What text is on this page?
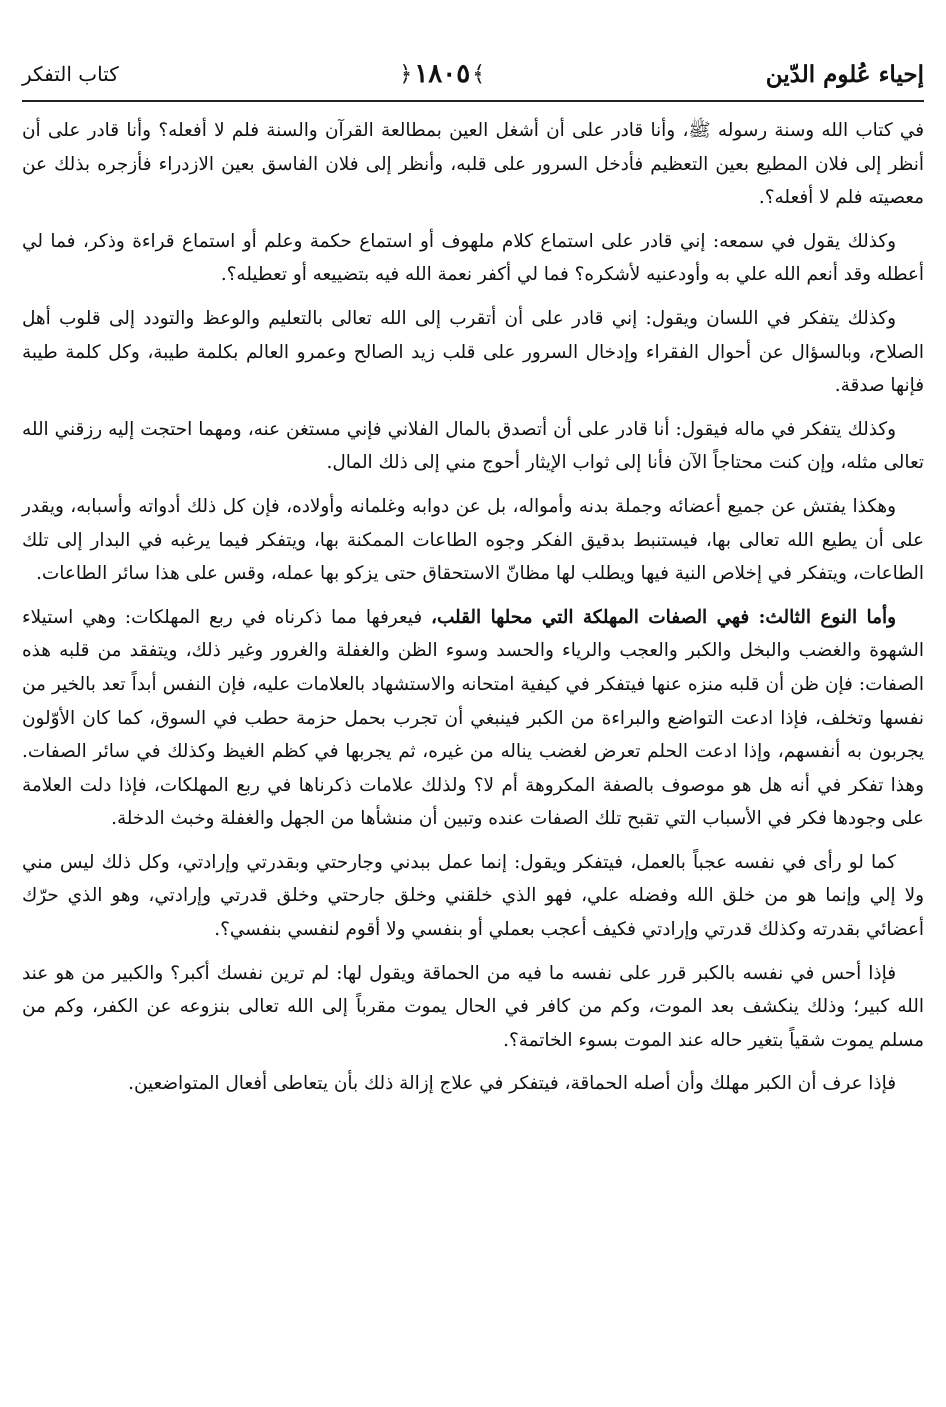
كتاب التفكر	﴾
١٨٠٥
﴿	إحياء عُلوم الدّين

في كتاب الله وسنة رسوله ﷺ، وأنا قادر على أن أشغل العين بمطالعة القرآن والسنة فلم لا أفعله؟ وأنا قادر على أن أنظر إلى فلان المطيع بعين التعظيم فأدخل السرور على قلبه، وأنظر إلى فلان الفاسق بعين الازدراء فأزجره بذلك عن معصيته فلم لا أفعله؟.

وكذلك يقول في سمعه: إني قادر على استماع كلام ملهوف أو استماع حكمة وعلم أو استماع قراءة وذكر، فما لي أعطله وقد أنعم الله علي به وأودعنيه لأشكره؟ فما لي أكفر نعمة الله فيه بتضييعه أو تعطيله؟.

وكذلك يتفكر في اللسان ويقول: إني قادر على أن أتقرب إلى الله تعالى بالتعليم والوعظ والتودد إلى قلوب أهل الصلاح، وبالسؤال عن أحوال الفقراء وإدخال السرور على قلب زيد الصالح وعمرو العالم بكلمة طيبة، وكل كلمة طيبة فإنها صدقة.

وكذلك يتفكر في ماله فيقول: أنا قادر على أن أتصدق بالمال الفلاني فإني مستغن عنه، ومهما احتجت إليه رزقني الله تعالى مثله، وإن كنت محتاجاً الآن فأنا إلى ثواب الإيثار أحوج مني إلى ذلك المال.

وهكذا يفتش عن جميع أعضائه وجملة بدنه وأمواله، بل عن دوابه وغلمانه وأولاده، فإن كل ذلك أدواته وأسبابه، ويقدر على أن يطيع الله تعالى بها، فيستنبط بدقيق الفكر وجوه الطاعات الممكنة بها، ويتفكر فيما يرغبه في البدار إلى تلك الطاعات، ويتفكر في إخلاص النية فيها ويطلب لها مظانّ الاستحقاق حتى يزكو بها عمله، وقس على هذا سائر الطاعات.

وأما النوع الثالث: فهي الصفات المهلكة التي محلها القلب، فيعرفها مما ذكرناه في ربع المهلكات: وهي استيلاء الشهوة والغضب والبخل والكبر والعجب والرياء والحسد وسوء الظن والغفلة والغرور وغير ذلك، ويتفقد من قلبه هذه الصفات: فإن ظن أن قلبه منزه عنها فيتفكر في كيفية امتحانه والاستشهاد بالعلامات عليه، فإن النفس أبداً تعد بالخير من نفسها وتخلف، فإذا ادعت التواضع والبراءة من الكبر فينبغي أن تجرب بحمل حزمة حطب في السوق، كما كان الأوّلون يجربون به أنفسهم، وإذا ادعت الحلم تعرض لغضب يناله من غيره، ثم يجربها في كظم الغيظ وكذلك في سائر الصفات. وهذا تفكر في أنه هل هو موصوف بالصفة المكروهة أم لا؟ ولذلك علامات ذكرناها في ربع المهلكات، فإذا دلت العلامة على وجودها فكر في الأسباب التي تقبح تلك الصفات عنده وتبين أن منشأها من الجهل والغفلة وخبث الدخلة.

كما لو رأى في نفسه عجباً بالعمل، فيتفكر ويقول: إنما عمل ببدني وجارحتي وبقدرتي وإرادتي، وكل ذلك ليس مني ولا إلي وإنما هو من خلق الله وفضله علي، فهو الذي خلقني وخلق جارحتي وخلق قدرتي وإرادتي، وهو الذي حرّك أعضائي بقدرته وكذلك قدرتي وإرادتي فكيف أعجب بعملي أو بنفسي ولا أقوم لنفسي بنفسي؟.

فإذا أحس في نفسه بالكبر قرر على نفسه ما فيه من الحماقة ويقول لها: لم ترين نفسك أكبر؟ والكبير من هو عند الله كبير؛ وذلك ينكشف بعد الموت، وكم من كافر في الحال يموت مقرباً إلى الله تعالى بنزوعه عن الكفر، وكم من مسلم يموت شقياً بتغير حاله عند الموت بسوء الخاتمة؟.

فإذا عرف أن الكبر مهلك وأن أصله الحماقة، فيتفكر في علاج إزالة ذلك بأن يتعاطى أفعال المتواضعين.
